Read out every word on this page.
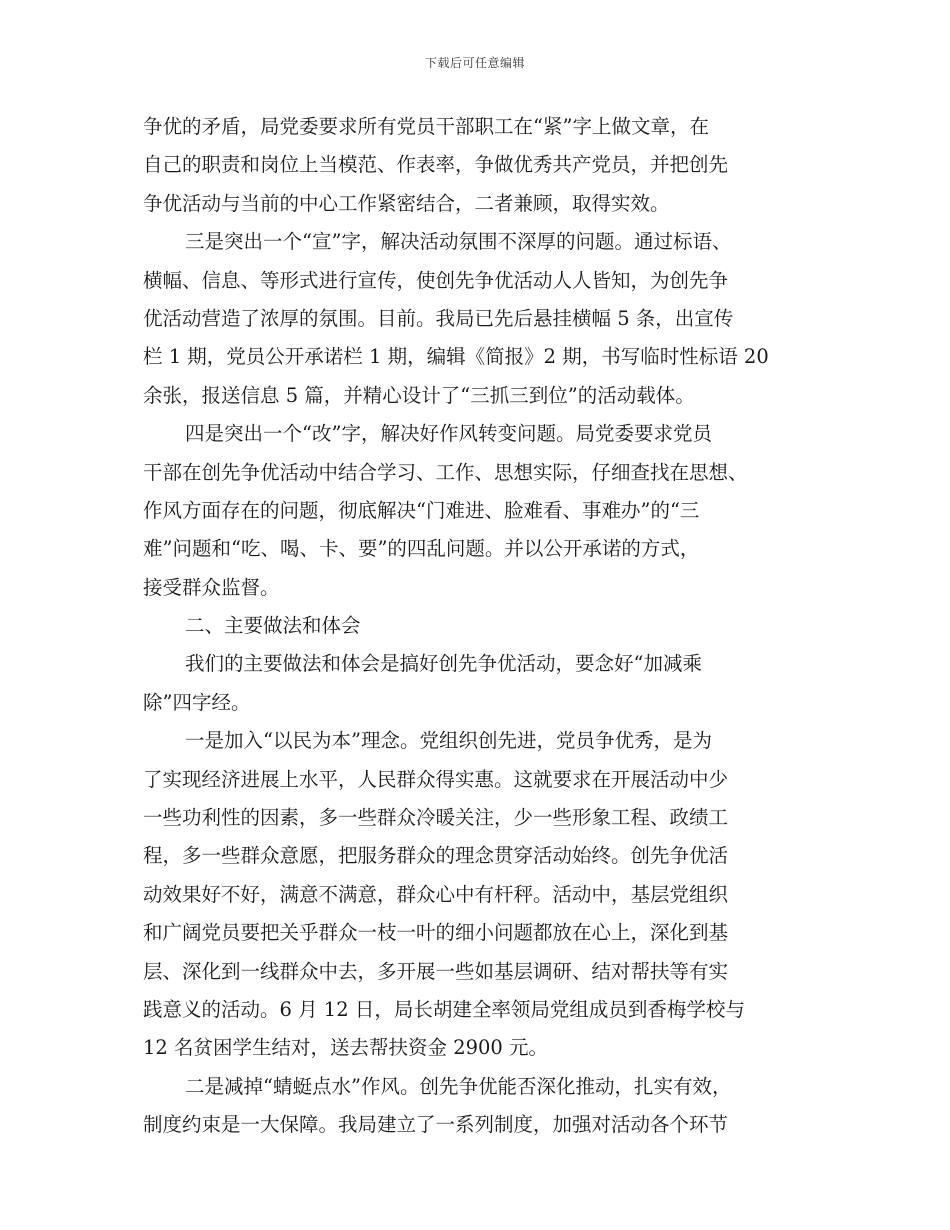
下载后可任意编辑
争优的矛盾，局党委要求所有党员干部职工在“紧”字上做文章，在
自己的职责和岗位上当模范、作表率，争做优秀共产党员，并把创先
争优活动与当前的中心工作紧密结合，二者兼顾，取得实效。
三是突出一个“宣”字，解决活动氛围不深厚的问题。通过标语、
横幅、信息、等形式进行宣传，使创先争优活动人人皆知，为创先争
优活动营造了浓厚的氛围。目前。我局已先后悬挂横幅 5 条，出宣传
栏 1 期，党员公开承诺栏 1 期，编辑《简报》2 期，书写临时性标语 20
余张，报送信息 5 篇，并精心设计了“三抓三到位”的活动载体。
四是突出一个“改”字，解决好作风转变问题。局党委要求党员
干部在创先争优活动中结合学习、工作、思想实际，仔细查找在思想、
作风方面存在的问题，彻底解决“门难进、脸难看、事难办”的“三
难”问题和“吃、喝、卡、要”的四乱问题。并以公开承诺的方式，
接受群众监督。
二、主要做法和体会
我们的主要做法和体会是搞好创先争优活动，要念好“加减乘
除”四字经。
一是加入“以民为本”理念。党组织创先进，党员争优秀，是为
了实现经济进展上水平，人民群众得实惠。这就要求在开展活动中少
一些功利性的因素，多一些群众冷暖关注，少一些形象工程、政绩工
程，多一些群众意愿，把服务群众的理念贯穿活动始终。创先争优活
动效果好不好，满意不满意，群众心中有杆秤。活动中，基层党组织
和广阔党员要把关乎群众一枝一叶的细小问题都放在心上，深化到基
层、深化到一线群众中去，多开展一些如基层调研、结对帮扶等有实
践意义的活动。6 月 12 日，局长胡建全率领局党组成员到香梅学校与
12 名贫困学生结对，送去帮扶资金 2900 元。
二是减掉“蜻蜓点水”作风。创先争优能否深化推动，扎实有效，
制度约束是一大保障。我局建立了一系列制度，加强对活动各个环节
